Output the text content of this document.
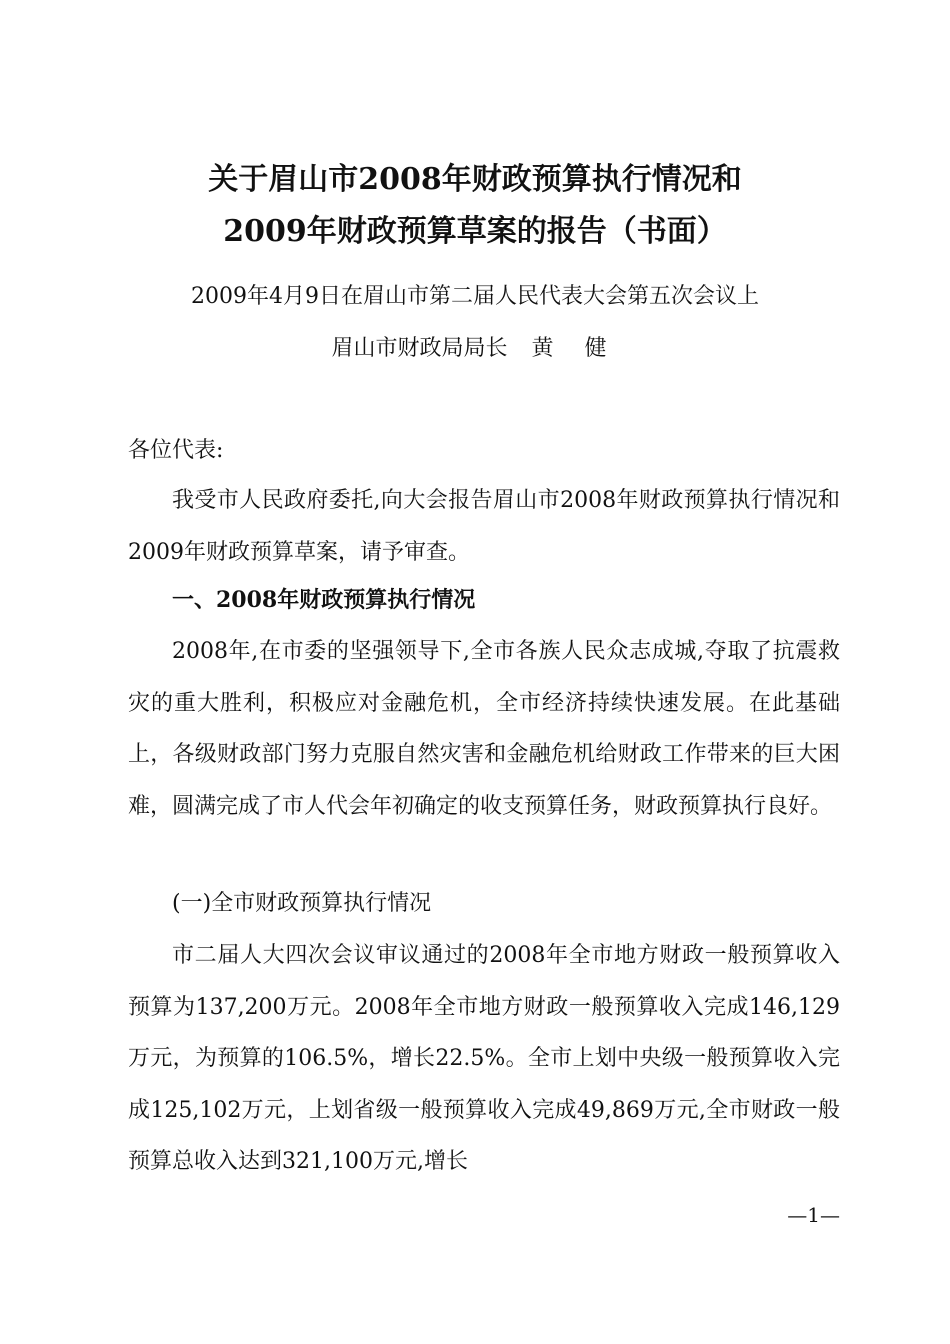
关于眉山市2008年财政预算执行情况和
2009年财政预算草案的报告（书面）
2009年4月9日在眉山市第二届人民代表大会第五次会议上
眉山市财政局局长 黄 健
各位代表:

我受市人民政府委托,向大会报告眉山市2008年财政预算执行情况和2009年财政预算草案，请予审查。

一、2008年财政预算执行情况

2008年,在市委的坚强领导下,全市各族人民众志成城,夺取了抗震救灾的重大胜利，积极应对金融危机，全市经济持续快速发展。在此基础上，各级财政部门努力克服自然灾害和金融危机给财政工作带来的巨大困难，圆满完成了市人代会年初确定的收支预算任务，财政预算执行良好。

(一)全市财政预算执行情况

市二届人大四次会议审议通过的2008年全市地方财政一般预算收入预算为137,200万元。2008年全市地方财政一般预算收入完成146,129万元，为预算的106.5%，增长22.5%。全市上划中央级一般预算收入完成125,102万元，上划省级一般预算收入完成49,869万元,全市财政一般预算总收入达到321,100万元,增长

—1—
